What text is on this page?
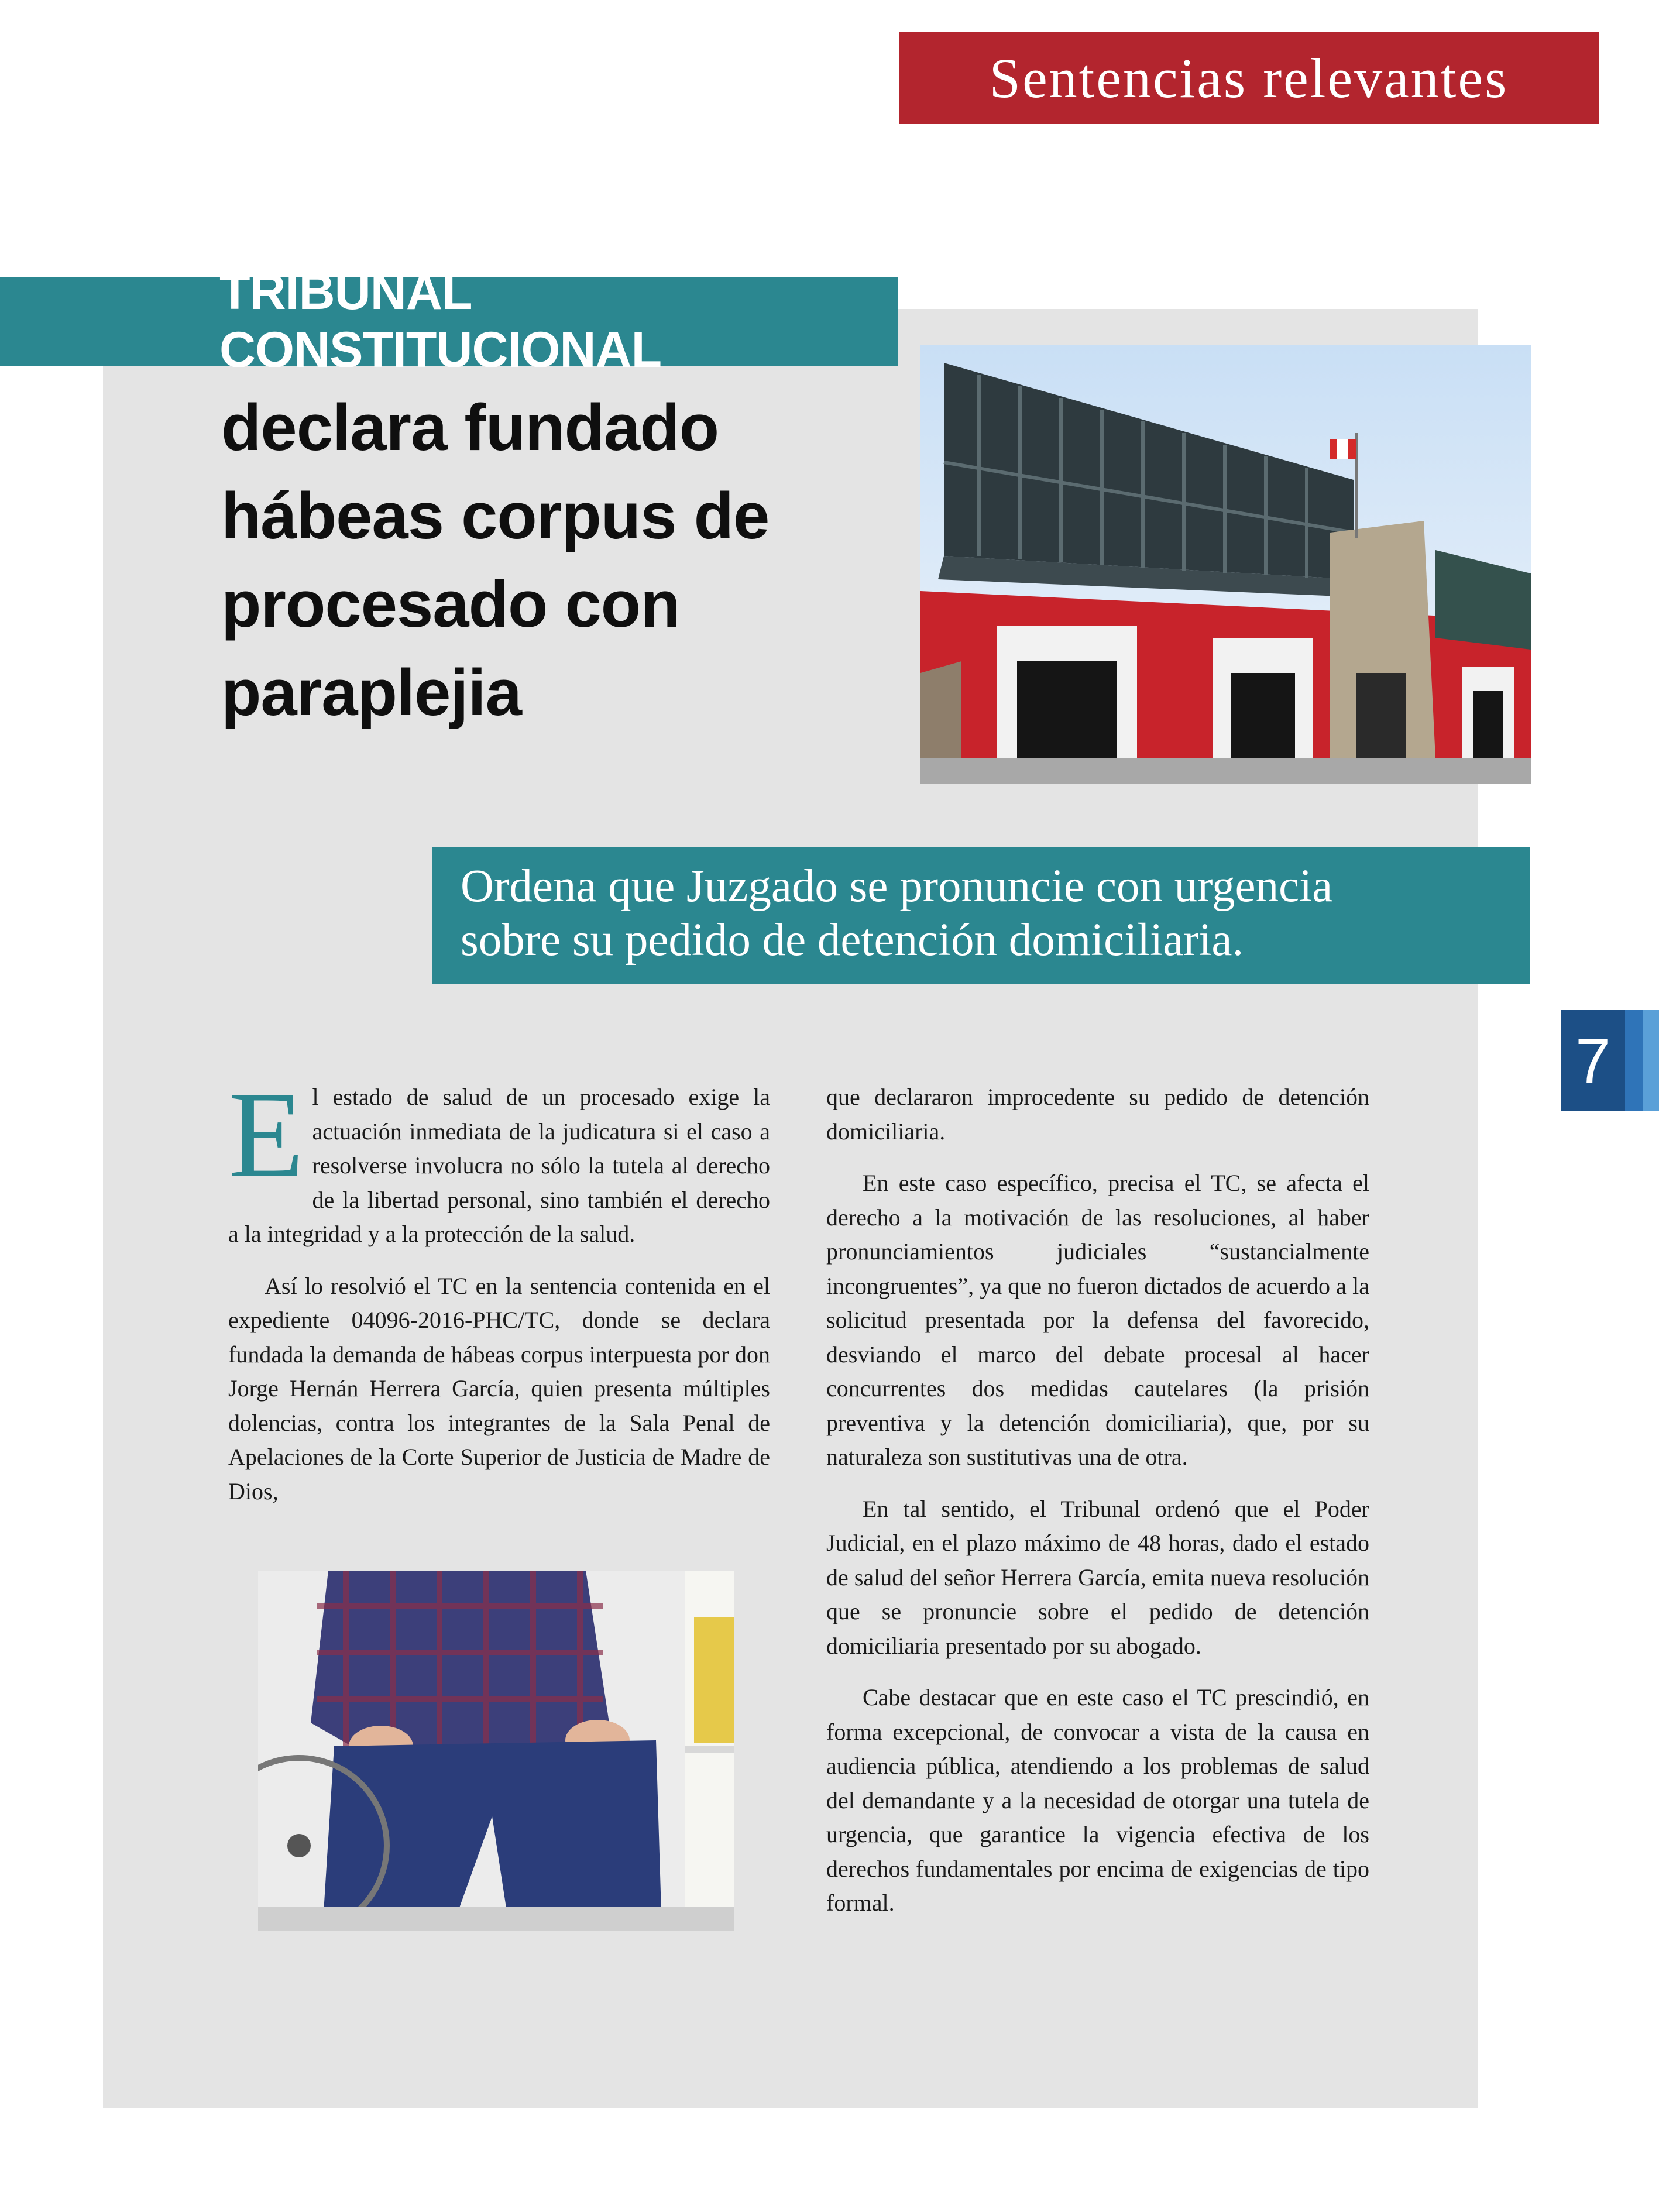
Sentencias relevantes
TRIBUNAL CONSTITUCIONAL
declara fundado
hábeas corpus de
procesado con
paraplejia
Ordena que Juzgado se pronuncie con urgencia
sobre su pedido de detención domiciliaria.
7

El estado de salud de un procesado exige la actuación inmediata de la judicatura si el caso a resolverse involucra no sólo la tutela al derecho de la libertad personal, sino también el derecho a la integridad y a la protección de la salud.

Así lo resolvió el TC en la sentencia contenida en el expediente 04096-2016-PHC/TC, donde se declara fundada la demanda de hábeas corpus interpuesta por don Jorge Hernán Herrera García, quien presenta múltiples dolencias, contra los integrantes de la Sala Penal de Apelaciones de la Corte Superior de Justicia de Madre de Dios,

que declararon improcedente su pedido de detención domiciliaria.

En este caso específico, precisa el TC, se afecta el derecho a la motivación de las resoluciones, al haber pronunciamientos judiciales “sustancialmente incongruentes”, ya que no fueron dictados de acuerdo a la solicitud presentada por la defensa del favorecido, desviando el marco del debate procesal al hacer concurrentes dos medidas cautelares (la prisión preventiva y la detención domiciliaria), que, por su naturaleza son sustitutivas una de otra.

En tal sentido, el Tribunal ordenó que el Poder Judicial, en el plazo máximo de 48 horas, dado el estado de salud del señor Herrera García, emita nueva resolución que se pronuncie sobre el pedido de detención domiciliaria presentado por su abogado.

Cabe destacar que en este caso el TC prescindió, en forma excepcional, de convocar a vista de la causa en audiencia pública, atendiendo a los problemas de salud del demandante y a la necesidad de otorgar una tutela de urgencia, que garantice la vigencia efectiva de los derechos fundamentales por encima de exigencias de tipo formal.
